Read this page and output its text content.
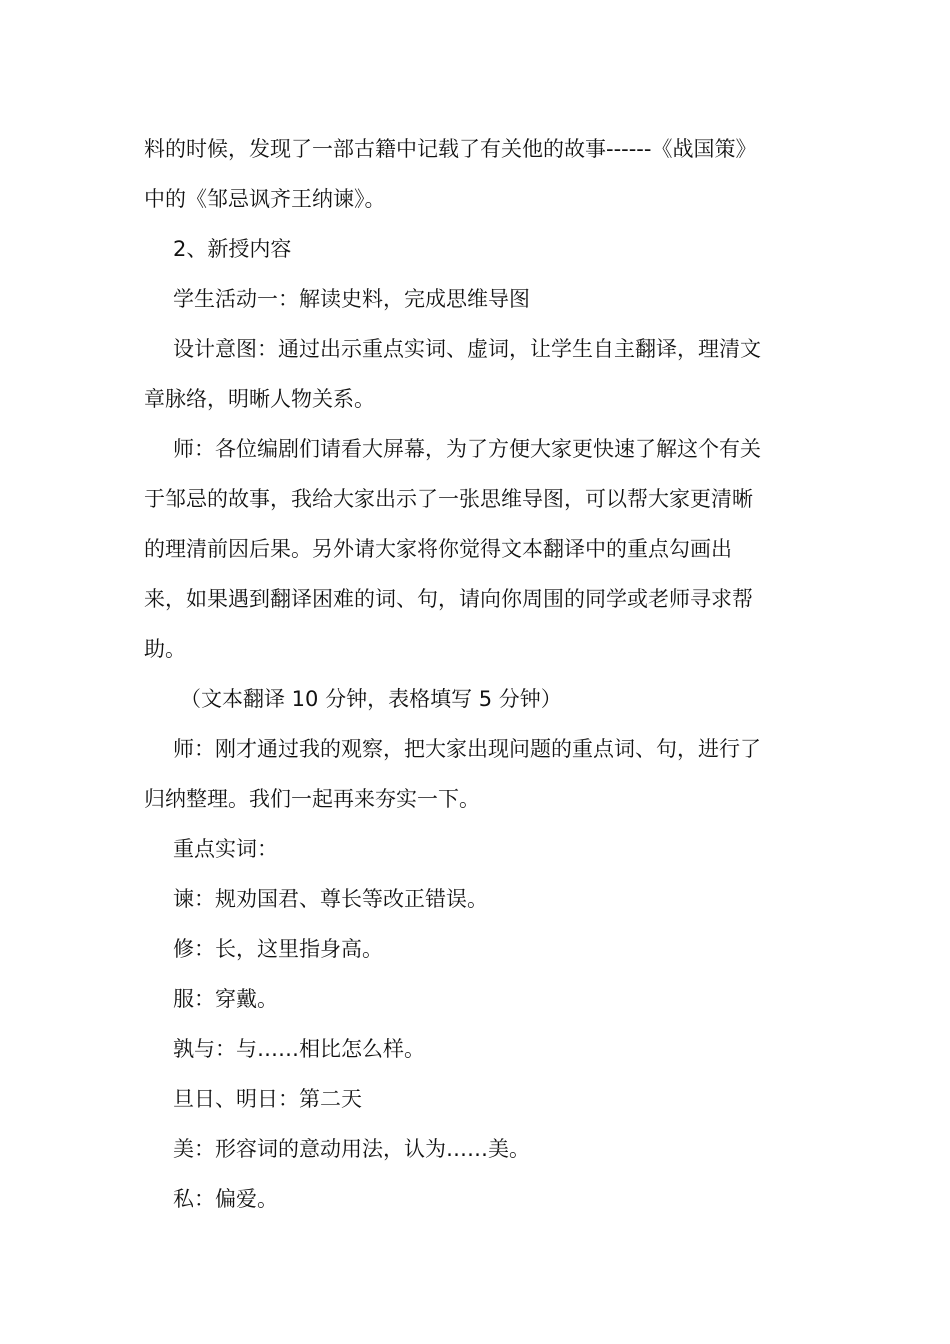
料的时候，发现了一部古籍中记载了有关他的故事------《战国策》
中的《邹忌讽齐王纳谏》。

2、新授内容

学生活动一：解读史料，完成思维导图

设计意图：通过出示重点实词、虚词，让学生自主翻译，理清文
章脉络，明晰人物关系。

师：各位编剧们请看大屏幕，为了方便大家更快速了解这个有关
于邹忌的故事，我给大家出示了一张思维导图，可以帮大家更清晰
的理清前因后果。另外请大家将你觉得文本翻译中的重点勾画出
来，如果遇到翻译困难的词、句，请向你周围的同学或老师寻求帮
助。

（文本翻译 10 分钟，表格填写 5 分钟）

师：刚才通过我的观察，把大家出现问题的重点词、句，进行了
归纳整理。我们一起再来夯实一下。

重点实词：

谏：规劝国君、尊长等改正错误。

修：长，这里指身高。

服：穿戴。

孰与：与……相比怎么样。

旦日、明日：第二天

美：形容词的意动用法，认为……美。

私：偏爱。
